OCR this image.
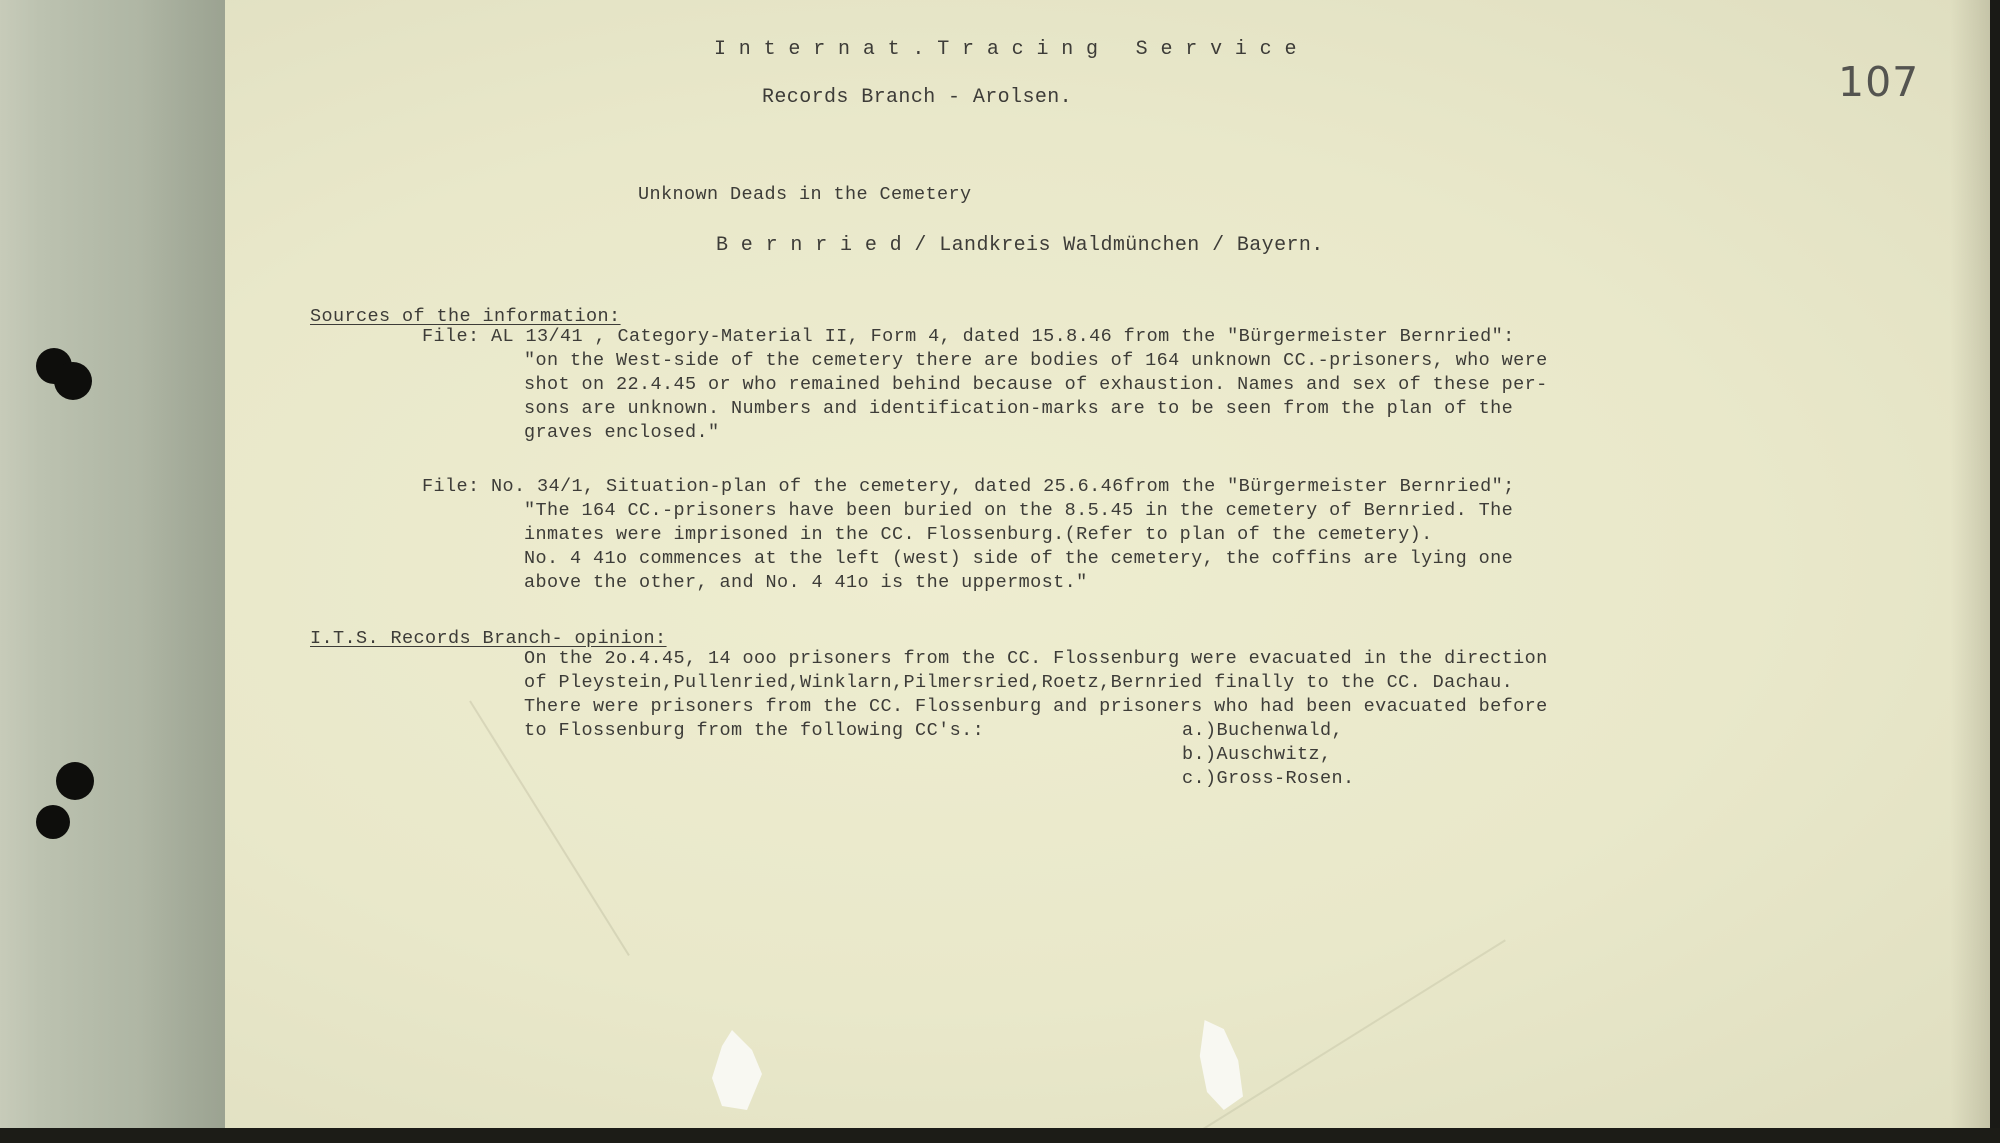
I n t e r n a t . T r a c i n g   S e r v i c e
Records Branch - Arolsen.	107
Unknown Deads in the Cemetery
B e r n r i e d / Landkreis Waldmünchen / Bayern.
Sources of the information:
File: AL 13/41 , Category-Material II, Form 4, dated 15.8.46 from the "Bürgermeister Bernried":
"on the West-side of the cemetery there are bodies of 164 unknown CC.-prisoners, who were
shot on 22.4.45 or who remained behind because of exhaustion. Names and sex of these per-
sons are unknown. Numbers and identification-marks are to be seen from the plan of the
graves enclosed."
File: No. 34/1, Situation-plan of the cemetery, dated 25.6.46from the "Bürgermeister Bernried";
"The 164 CC.-prisoners have been buried on the 8.5.45 in the cemetery of Bernried. The
inmates were imprisoned in the CC. Flossenburg.(Refer to plan of the cemetery).
No. 4 41o commences at the left (west) side of the cemetery, the coffins are lying one
above the other, and No. 4 41o is the uppermost."
I.T.S. Records Branch- opinion:
On the 2o.4.45, 14 ooo prisoners from the CC. Flossenburg were evacuated in the direction
of Pleystein,Pullenried,Winklarn,Pilmersried,Roetz,Bernried finally to the CC. Dachau.
There were prisoners from the CC. Flossenburg and prisoners who had been evacuated before
to Flossenburg from the following CC's.:	a.)Buchenwald,
b.)Auschwitz,
c.)Gross-Rosen.
